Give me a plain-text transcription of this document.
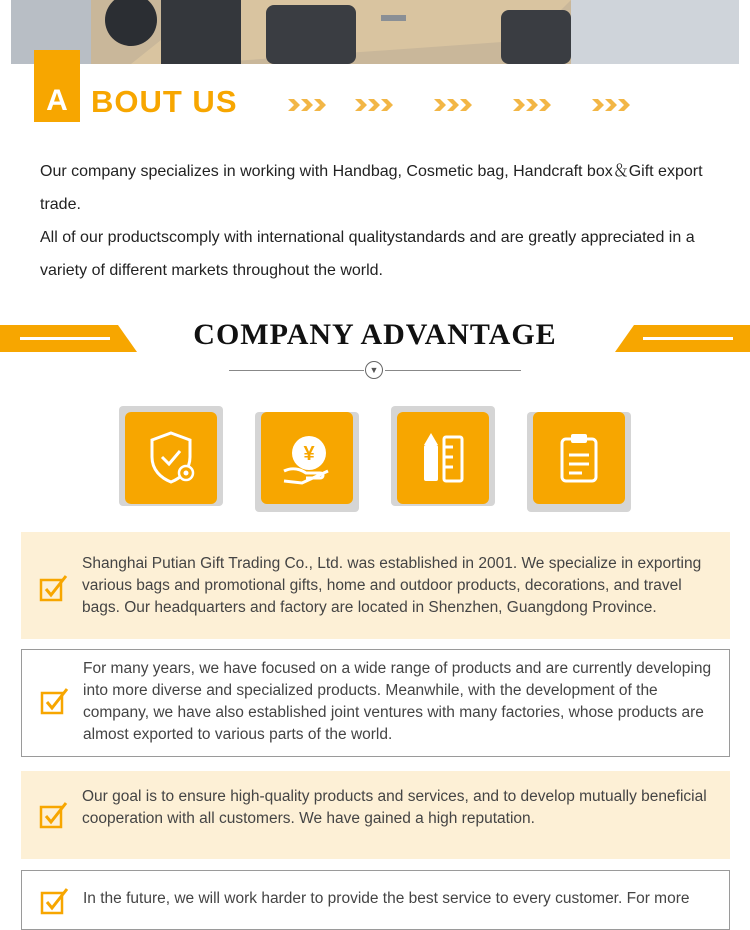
A BOUT US

Our company specializes in working with Handbag, Cosmetic bag, Handcraft box＆Gift export trade.

All of our productscomply with international qualitystandards and are greatly appreciated in a variety of different markets throughout the world.

COMPANY ADVANTAGE
▼
¥
Shanghai Putian Gift Trading Co., Ltd. was established in 2001. We specialize in exporting various bags and promotional gifts, home and outdoor products, decorations, and travel bags. Our headquarters and factory are located in Shenzhen, Guangdong Province.
For many years, we have focused on a wide range of products and are currently developing into more diverse and specialized products. Meanwhile, with the development of the company, we have also established joint ventures with many factories, whose products are almost exported to various parts of the world.
Our goal is to ensure high-quality products and services, and to develop mutually beneficial cooperation with all customers. We have gained a high reputation.
In the future, we will work harder to provide the best service to every customer. For more
